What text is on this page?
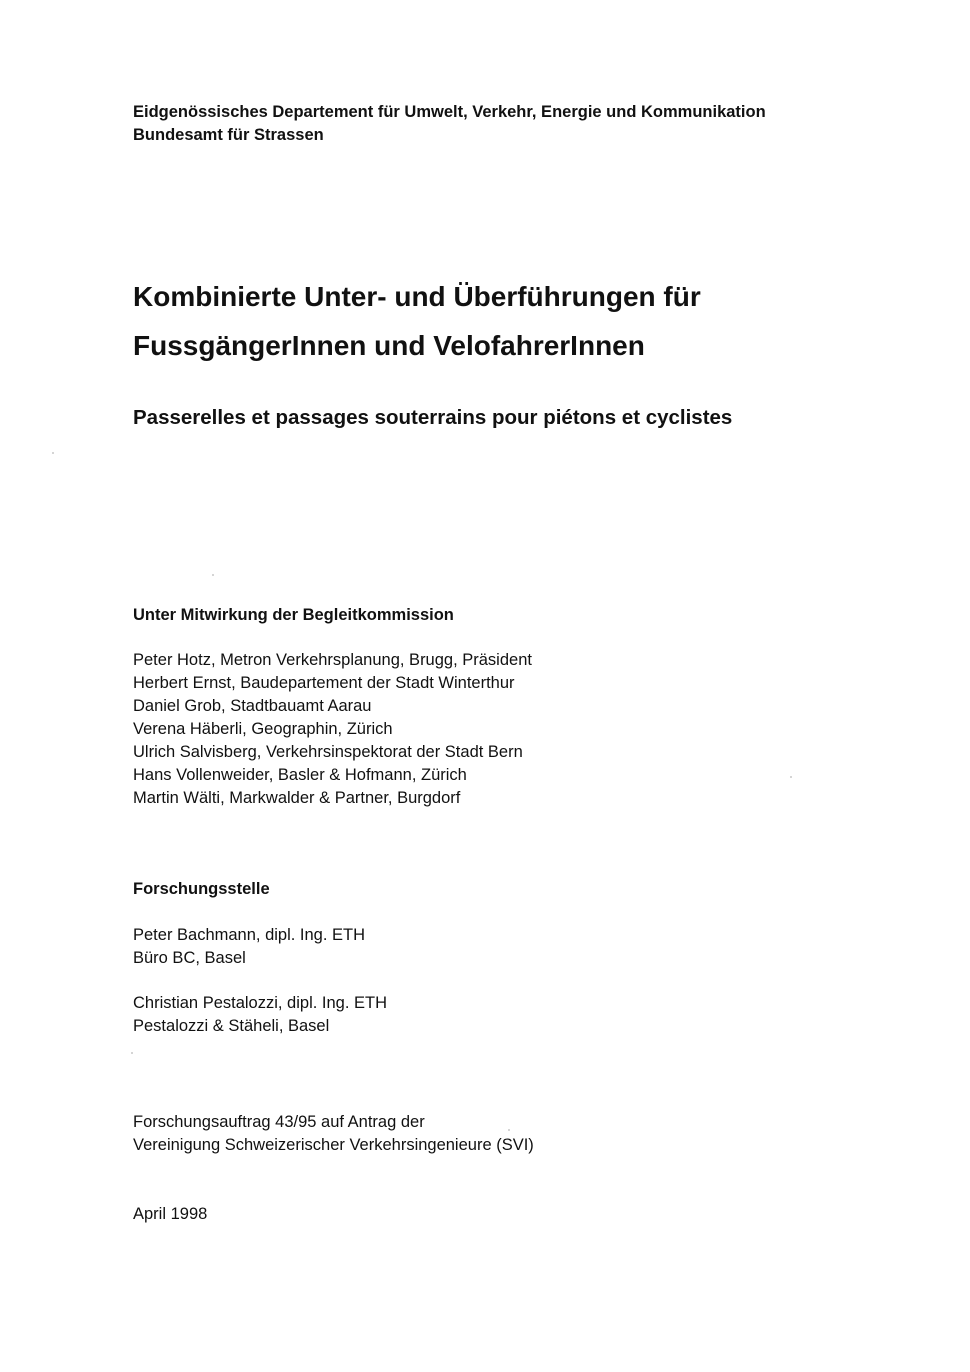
Eidgenössisches Departement für Umwelt, Verkehr, Energie und Kommunikation
Bundesamt für Strassen
Kombinierte Unter- und Überführungen für
FussgängerInnen und VelofahrerInnen
Passerelles et passages souterrains pour piétons et cyclistes
Unter Mitwirkung der Begleitkommission
Peter Hotz, Metron Verkehrsplanung, Brugg, Präsident
Herbert Ernst, Baudepartement der Stadt Winterthur
Daniel Grob, Stadtbauamt Aarau
Verena Häberli, Geographin, Zürich
Ulrich Salvisberg, Verkehrsinspektorat der Stadt Bern
Hans Vollenweider, Basler & Hofmann, Zürich
Martin Wälti, Markwalder & Partner, Burgdorf
Forschungsstelle
Peter Bachmann, dipl. Ing. ETH
Büro BC, Basel
Christian Pestalozzi, dipl. Ing. ETH
Pestalozzi & Stäheli, Basel
Forschungsauftrag 43/95 auf Antrag der
Vereinigung Schweizerischer Verkehrsingenieure (SVI)
April 1998
